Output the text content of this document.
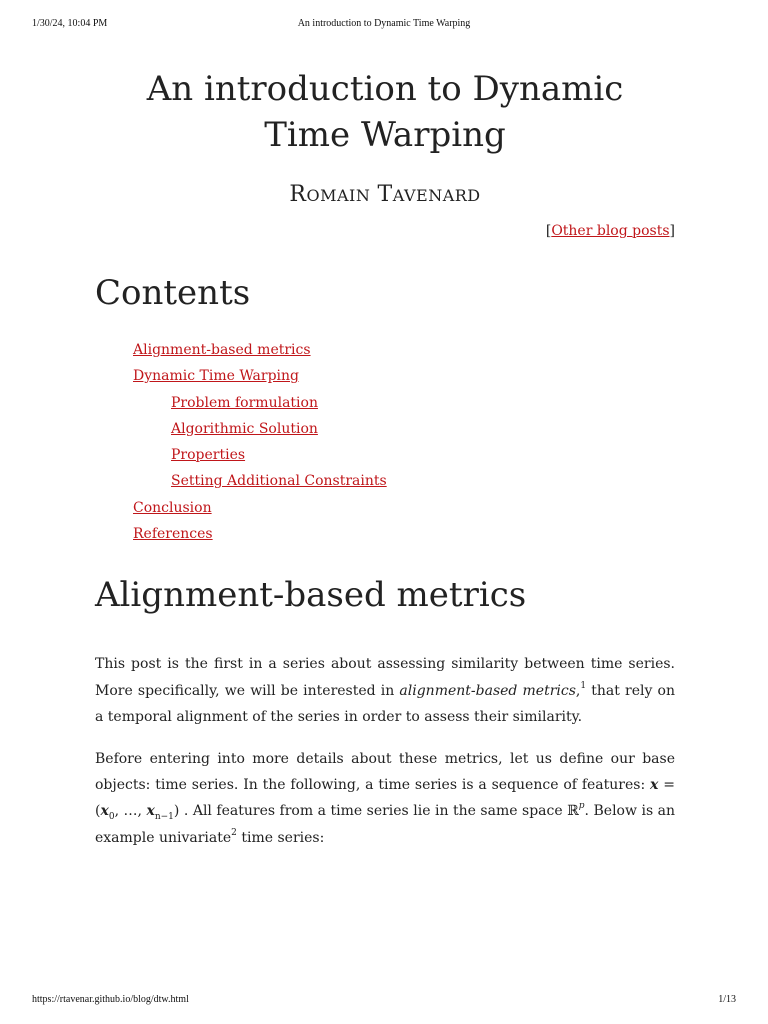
1/30/24, 10:04 PM	An introduction to Dynamic Time Warping
An introduction to Dynamic
Time Warping
ROMAIN TAVENARD
[Other blog posts]
Contents
Alignment-based metrics
Dynamic Time Warping
Problem formulation
Algorithmic Solution
Properties
Setting Additional Constraints
Conclusion
References
Alignment-based metrics

This post is the first in a series about assessing similarity between time series. More specifically, we will be interested in alignment-based metrics,$^1$ that rely on a temporal alignment of the series in order to assess their similarity.

Before entering into more details about these metrics, let us define our base objects: time series. In the following, a time series is a sequence of features: $x = (x_0$, …, $x_{n-1}$) . All features from a time series lie in the same space ℝ$^p$. Below is an example univariate$^2$ time series:

https://rtavenar.github.io/blog/dtw.html	1/13
